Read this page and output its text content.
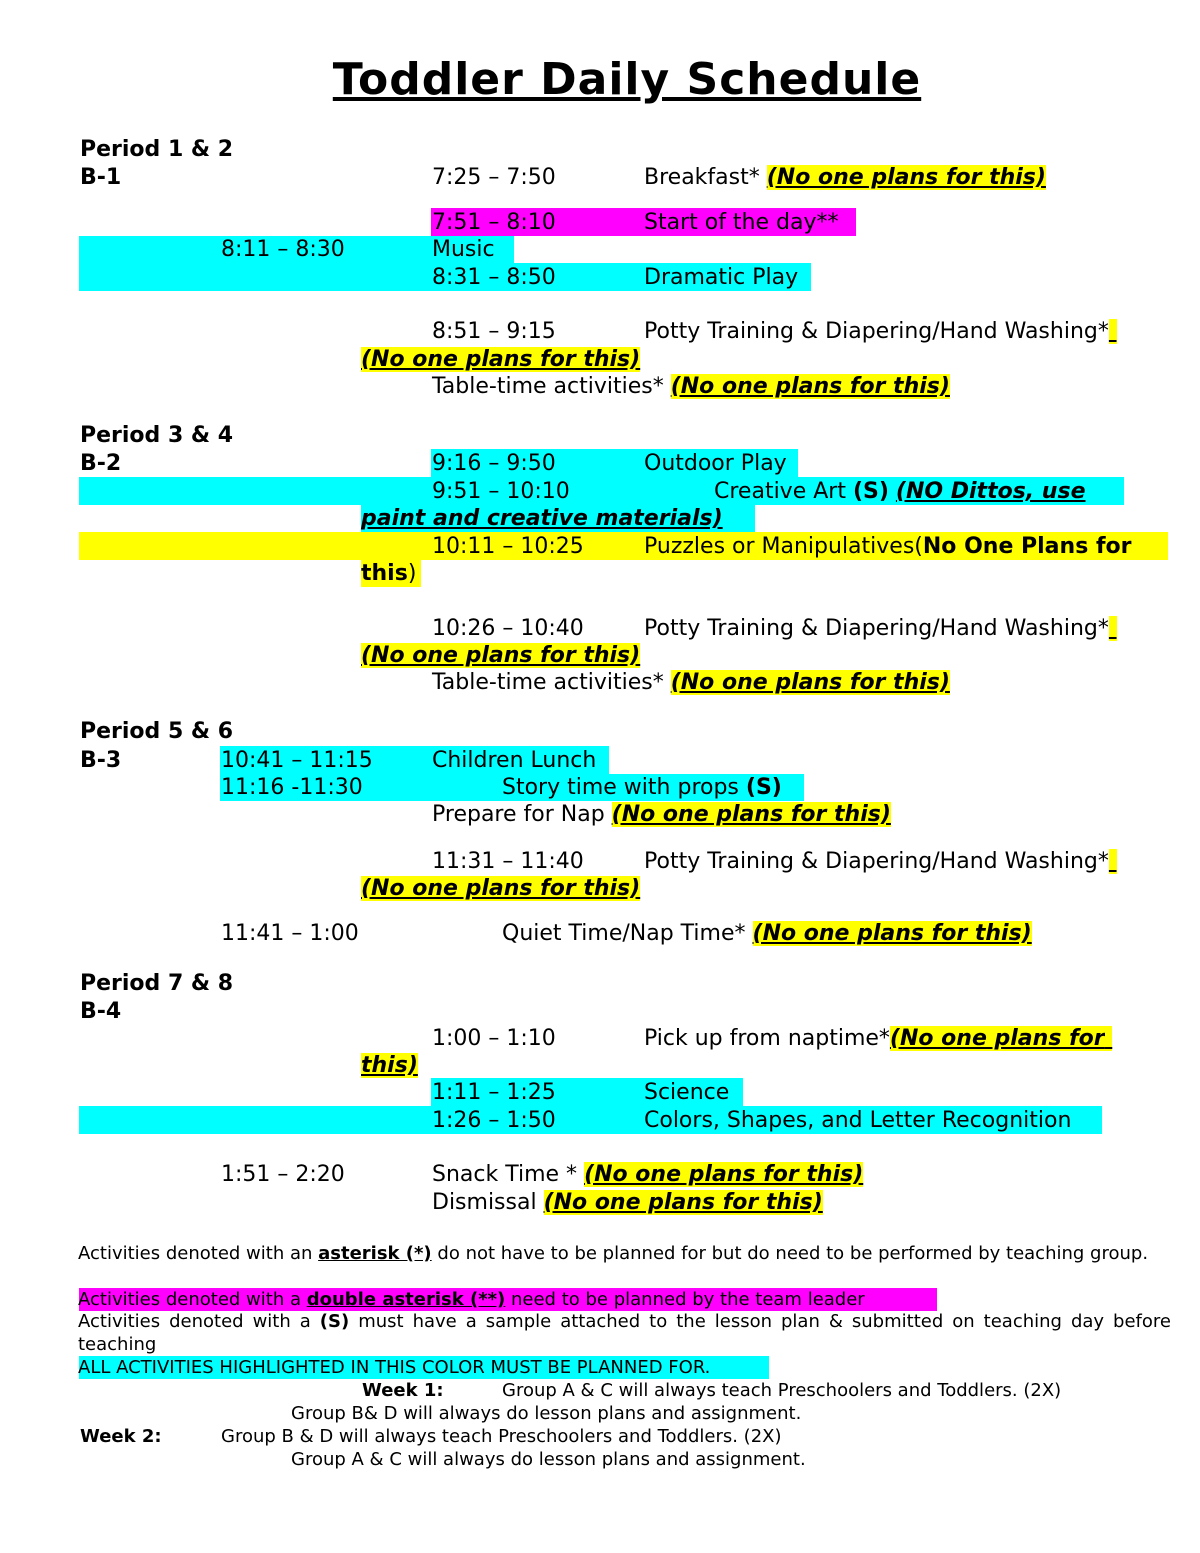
Toddler Daily Schedule
Period 1 & 2
B-1	7:25 – 7:50	Breakfast* (No one plans for this)
7:51 – 8:10	Start of the day**
8:11 – 8:30	Music
8:31 – 8:50	Dramatic Play
8:51 – 9:15	Potty Training & Diapering/Hand Washing*
(No one plans for this)
Table-time activities* (No one plans for this)
Period 3 & 4
B-2	9:16 – 9:50	Outdoor Play
9:51 – 10:10	Creative Art (S) (NO Dittos, use
paint and creative materials)
10:11 – 10:25	Puzzles or Manipulatives(No One Plans for
this)
10:26 – 10:40	Potty Training & Diapering/Hand Washing*
(No one plans for this)
Table-time activities* (No one plans for this)
Period 5 & 6
B-3	10:41 – 11:15	Children Lunch
11:16 -11:30	Story time with props (S)
Prepare for Nap (No one plans for this)
11:31 – 11:40	Potty Training & Diapering/Hand Washing*
(No one plans for this)
11:41 – 1:00	Quiet Time/Nap Time* (No one plans for this)
Period 7 & 8
B-4
1:00 – 1:10	Pick up from naptime*(No one plans for
this)
1:11 – 1:25	Science
1:26 – 1:50	Colors, Shapes, and Letter Recognition
1:51 – 2:20	Snack Time * (No one plans for this)
Dismissal (No one plans for this)
Activities denoted with an asterisk (*) do not have to be planned for but do need to be performed by teaching group.
Activities denoted with a double asterisk (**) need to be planned by the team leader
Activities denoted with a (S) must have a sample attached to the lesson plan & submitted on teaching day before teaching
ALL ACTIVITIES HIGHLIGHTED IN THIS COLOR MUST BE PLANNED FOR.
Week 1:	Group A & C will always teach Preschoolers and Toddlers. (2X)
Group B& D will always do lesson plans and assignment.
Week 2:	Group B & D will always teach Preschoolers and Toddlers. (2X)
Group A & C will always do lesson plans and assignment.
